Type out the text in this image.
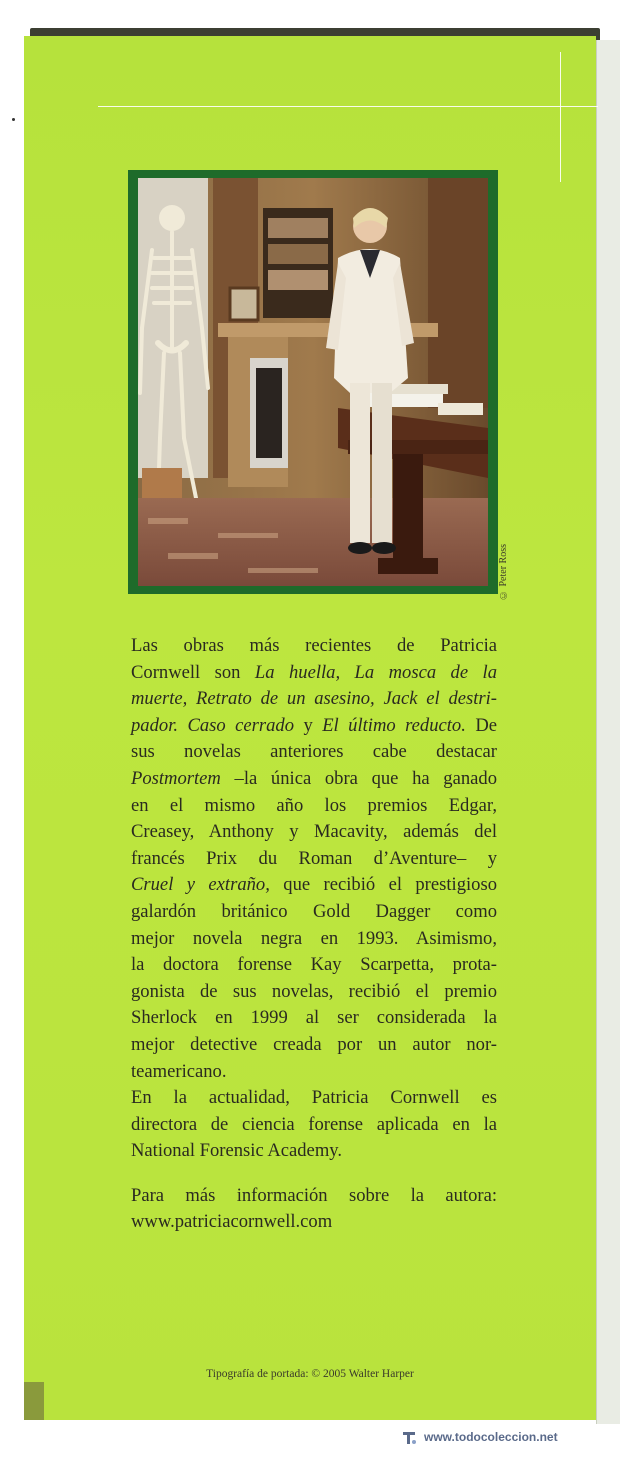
© Peter Ross
Las obras más recientes de Patricia
Cornwell son La huella, La mosca de la
muerte, Retrato de un asesino, Jack el destri-
pador. Caso cerrado y El último reducto. De
sus novelas anteriores cabe destacar
Postmortem –la única obra que ha ganado
en el mismo año los premios Edgar,
Creasey, Anthony y Macavity, además del
francés Prix du Roman d’Aventure– y
Cruel y extraño, que recibió el prestigioso
galardón británico Gold Dagger como
mejor novela negra en 1993. Asimismo,
la doctora forense Kay Scarpetta, prota-
gonista de sus novelas, recibió el premio
Sherlock en 1999 al ser considerada la
mejor detective creada por un autor nor-
teamericano.
En la actualidad, Patricia Cornwell es
directora de ciencia forense aplicada en la
National Forensic Academy.
Para más información sobre la autora:
www.patriciacornwell.com
Tipografía de portada: © 2005 Walter Harper
www.todocoleccion.net
